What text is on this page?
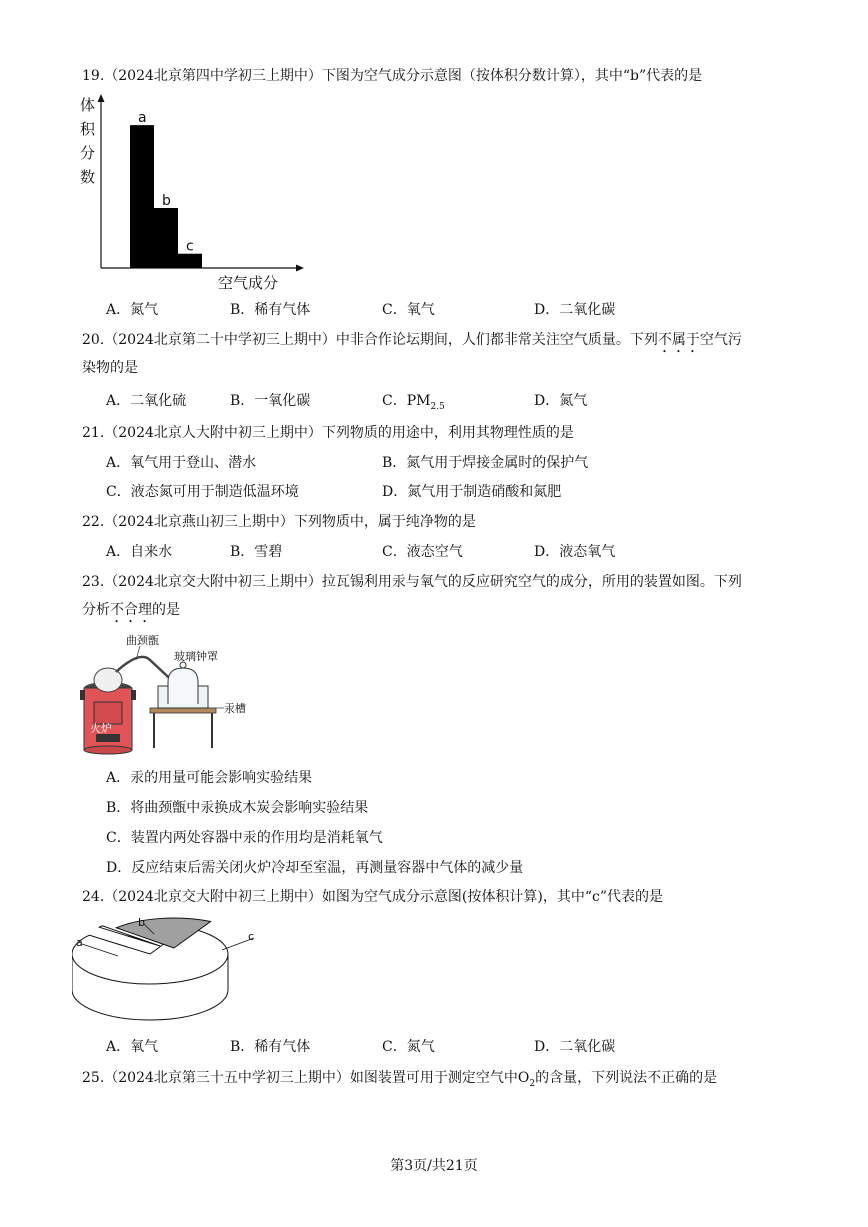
19.（2024北京第四中学初三上期中）下图为空气成分示意图（按体积分数计算），其中“b”代表的是
体积分数
a
b
c
空气成分
A．氮气	B．稀有气体	C．氧气	D．二氧化碳
20.（2024北京第二十中学初三上期中）中非合作论坛期间，人们都非常关注空气质量。下列不属于空气污
染物的是
A．二氧化硫	B．一氧化碳	C．$PM_{2.5}$	D．氮气
21.（2024北京人大附中初三上期中）下列物质的用途中，利用其物理性质的是
A．氧气用于登山、潜水	B．氮气用于焊接金属时的保护气
C．液态氮可用于制造低温环境	D．氮气用于制造硝酸和氮肥
22.（2024北京燕山初三上期中）下列物质中，属于纯净物的是
A．自来水	B．雪碧	C．液态空气	D．液态氧气
23.（2024北京交大附中初三上期中）拉瓦锡利用汞与氧气的反应研究空气的成分，所用的装置如图。下列
分析不合理的是
火炉
曲颈甑
玻璃钟罩
汞槽
A．汞的用量可能会影响实验结果
B．将曲颈甑中汞换成木炭会影响实验结果
C．装置内两处容器中汞的作用均是消耗氧气
D．反应结束后需关闭火炉冷却至室温，再测量容器中气体的减少量
24.（2024北京交大附中初三上期中）如图为空气成分示意图(按体积计算)，其中“c”代表的是
a
b
c
A．氧气	B．稀有气体	C．氮气	D．二氧化碳
25.（2024北京第三十五中学初三上期中）如图装置可用于测定空气中$O_2$的含量，下列说法不正确的是
第3页/共21页
